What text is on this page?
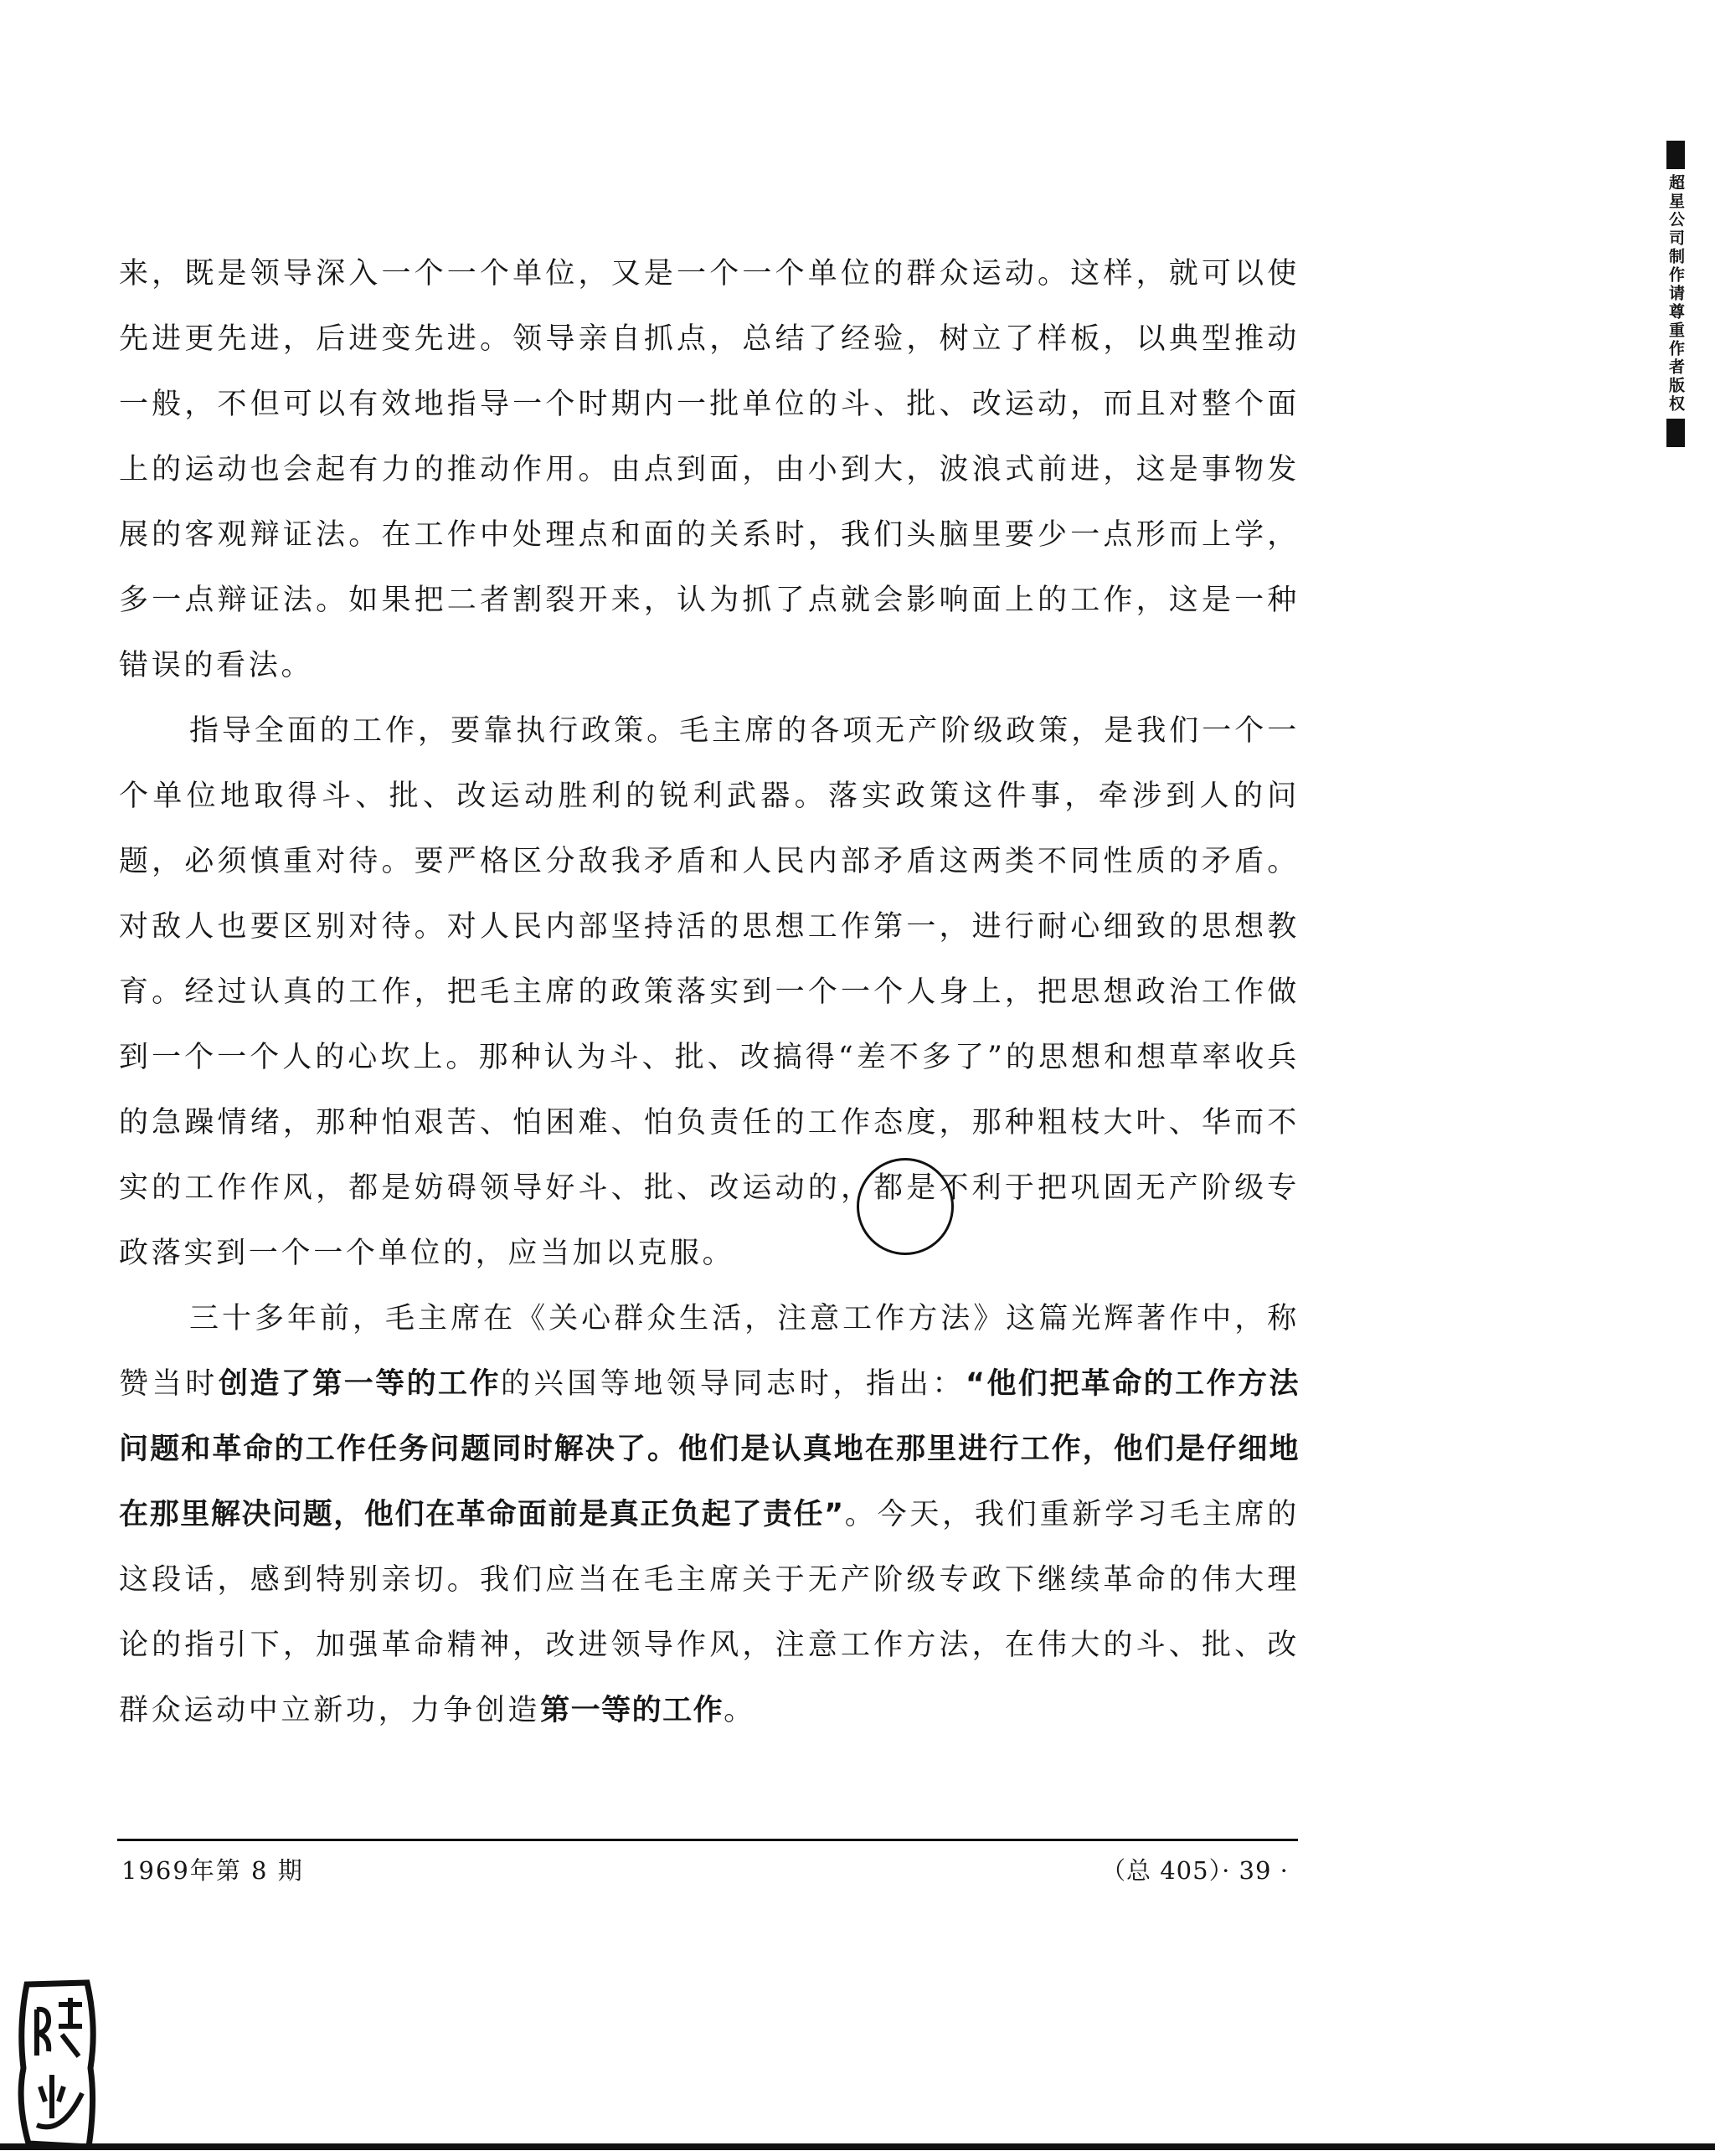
超星公司制作请尊重作者版权

来，既是领导深入一个一个单位，又是一个一个单位的群众运动。这样，就可以使先进更先进，后进变先进。领导亲自抓点，总结了经验，树立了样板，以典型推动一般，不但可以有效地指导一个时期内一批单位的斗、批、改运动，而且对整个面上的运动也会起有力的推动作用。由点到面，由小到大，波浪式前进，这是事物发展的客观辩证法。在工作中处理点和面的关系时，我们头脑里要少一点形而上学，多一点辩证法。如果把二者割裂开来，认为抓了点就会影响面上的工作，这是一种错误的看法。

指导全面的工作，要靠执行政策。毛主席的各项无产阶级政策，是我们一个一个单位地取得斗、批、改运动胜利的锐利武器。落实政策这件事，牵涉到人的问题，必须慎重对待。要严格区分敌我矛盾和人民内部矛盾这两类不同性质的矛盾。对敌人也要区别对待。对人民内部坚持活的思想工作第一，进行耐心细致的思想教育。经过认真的工作，把毛主席的政策落实到一个一个人身上，把思想政治工作做到一个一个人的心坎上。那种认为斗、批、改搞得“差不多了”的思想和想草率收兵的急躁情绪，那种怕艰苦、怕困难、怕负责任的工作态度，那种粗枝大叶、华而不实的工作作风，都是妨碍领导好斗、批、改运动的，都是
不利于把巩固无产阶级专政落实到一个一个单位的，应当加以克服。

三十多年前，毛主席在《关心群众生活，注意工作方法》这篇光辉著作中，称赞当时创造了第一等的工作的兴国等地领导同志时，指出：“他们把革命的工作方法问题和革命的工作任务问题同时解决了。他们是认真地在那里进行工作，他们是仔细地在那里解决问题，他们在革命面前是真正负起了责任”。今天，我们重新学习毛主席的这段话，感到特别亲切。我们应当在毛主席关于无产阶级专政下继续革命的伟大理论的指引下，加强革命精神，改进领导作风，注意工作方法，在伟大的斗、批、改群众运动中立新功，力争创造第一等的工作。

1969年第 8 期	（总 405）· 39 ·
